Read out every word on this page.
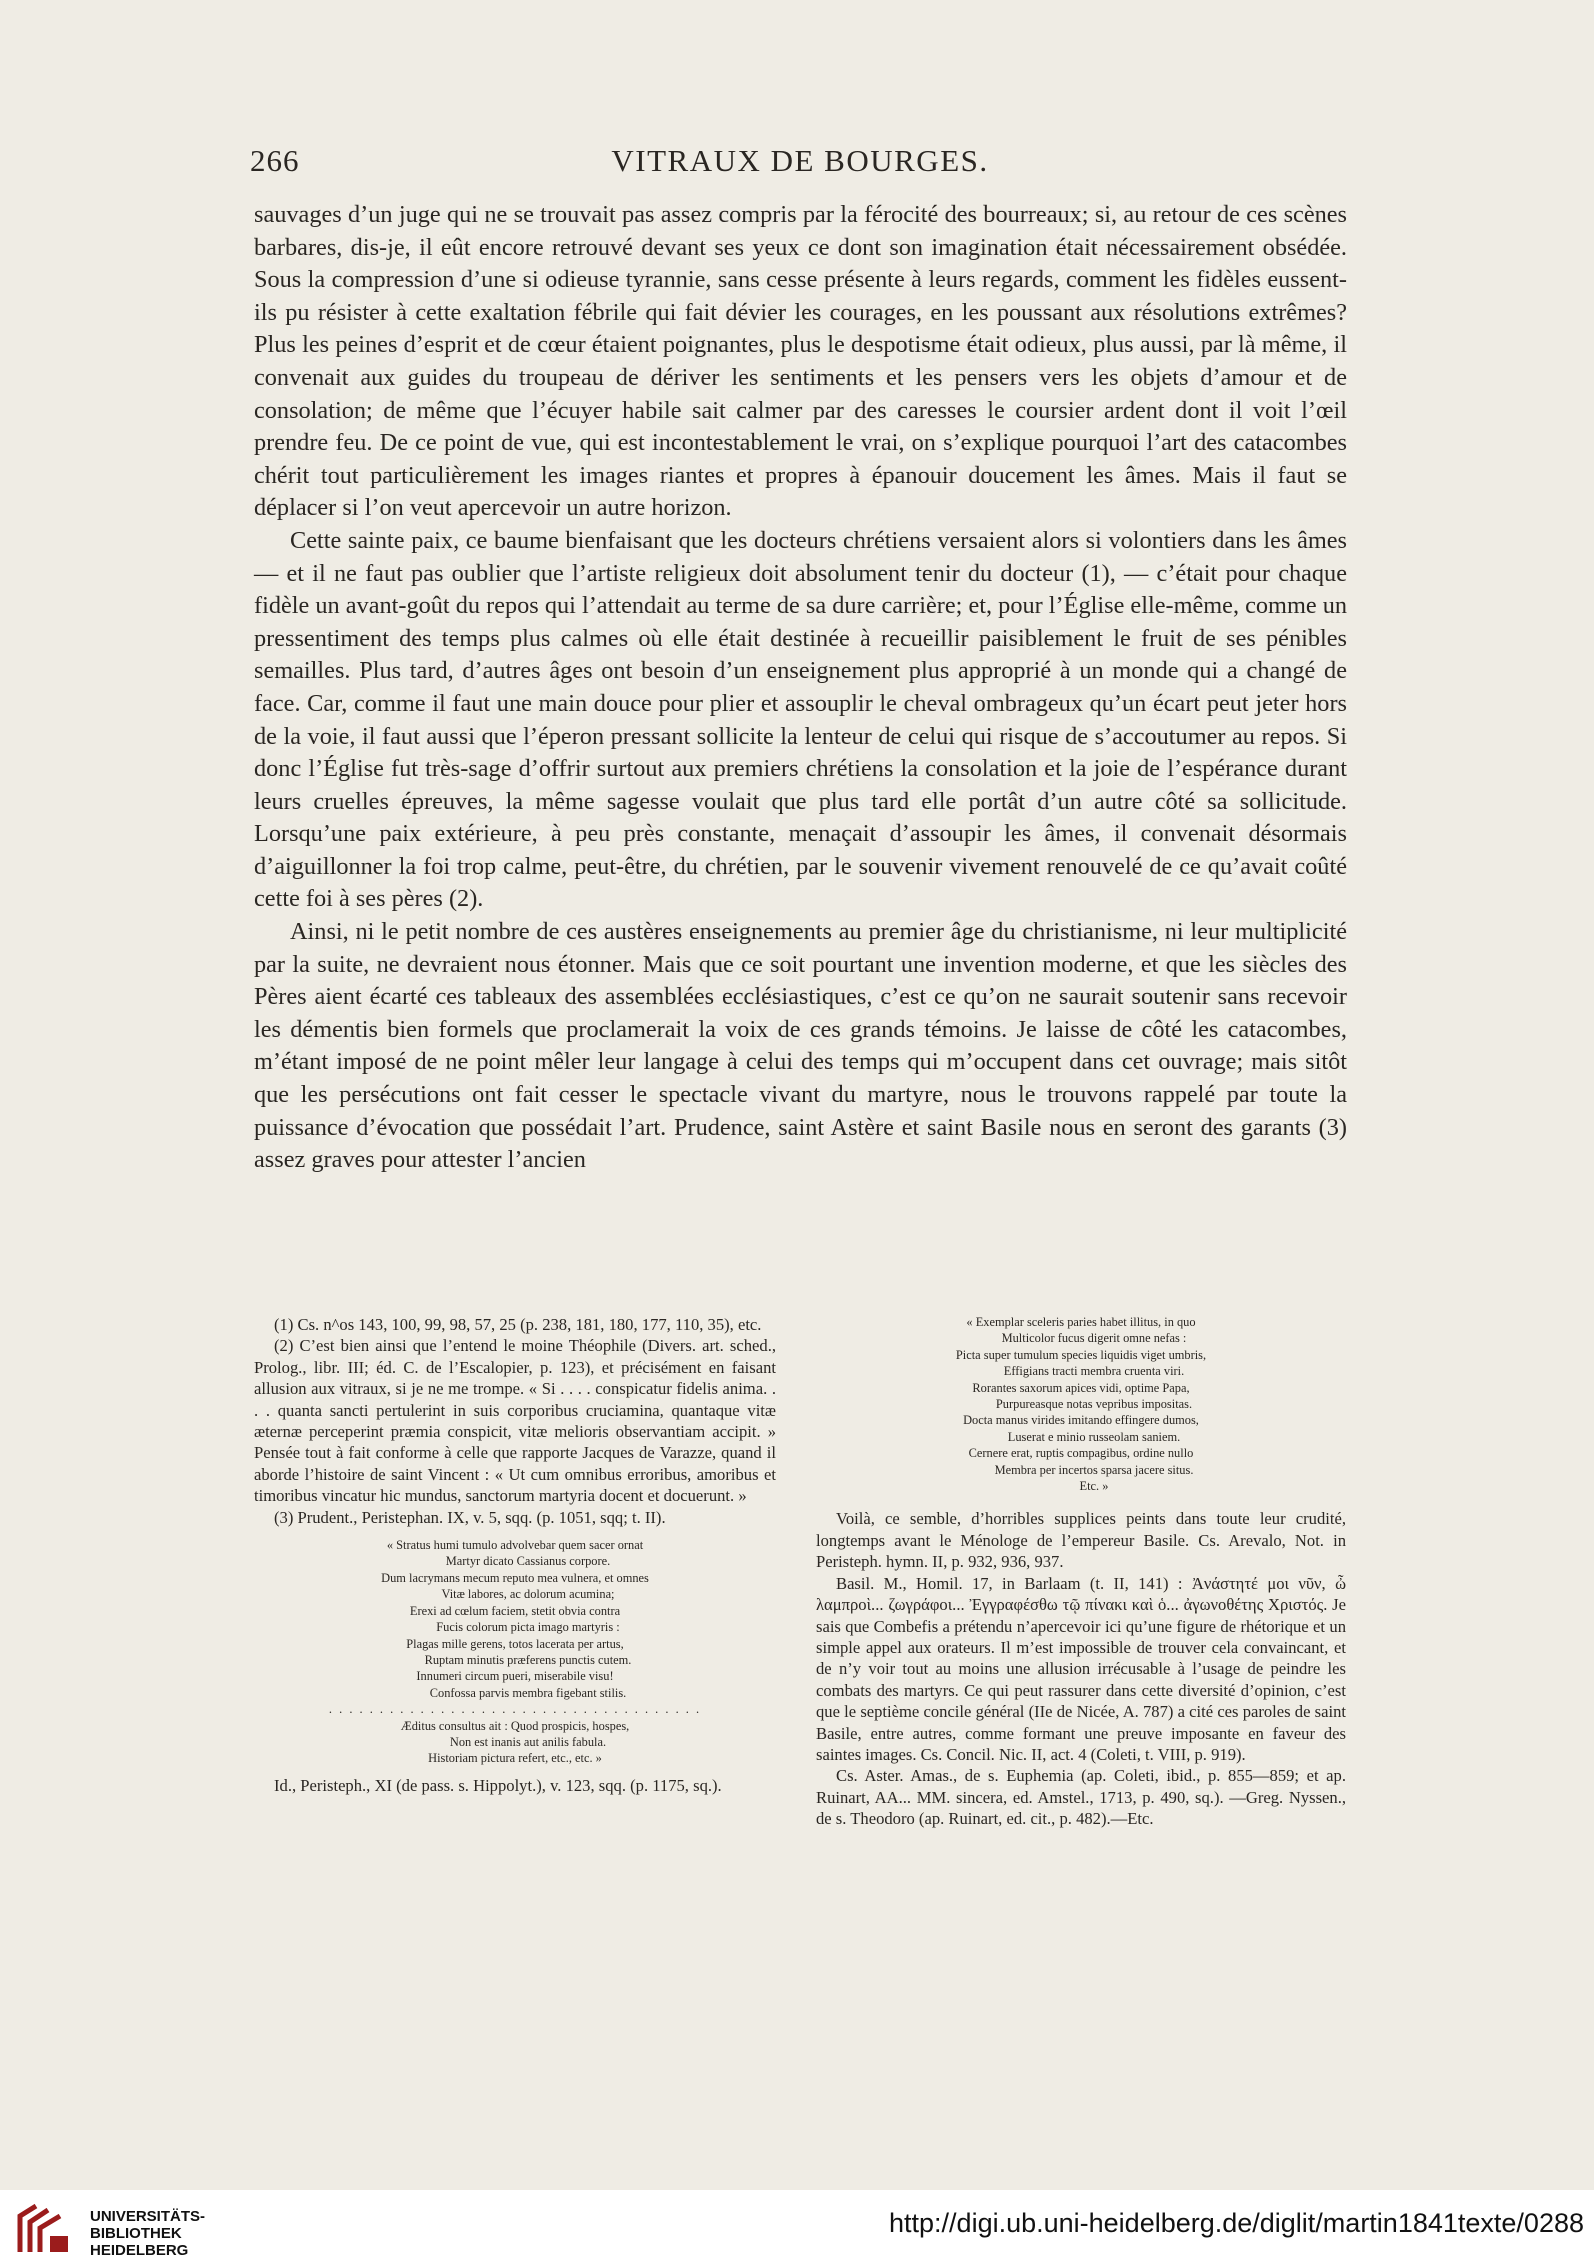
266	VITRAUX DE BOURGES.

sauvages d’un juge qui ne se trouvait pas assez compris par la férocité des bourreaux; si, au retour de ces scènes barbares, dis-je, il eût encore retrouvé devant ses yeux ce dont son imagination était nécessairement obsédée. Sous la compression d’une si odieuse tyrannie, sans cesse présente à leurs regards, comment les fidèles eussent-ils pu résister à cette exaltation fébrile qui fait dévier les courages, en les poussant aux résolutions extrêmes? Plus les peines d’esprit et de cœur étaient poignantes, plus le despotisme était odieux, plus aussi, par là même, il convenait aux guides du troupeau de dériver les sentiments et les pensers vers les objets d’amour et de consolation; de même que l’écuyer habile sait calmer par des caresses le coursier ardent dont il voit l’œil prendre feu. De ce point de vue, qui est incontestablement le vrai, on s’explique pourquoi l’art des catacombes chérit tout particulièrement les images riantes et propres à épanouir doucement les âmes. Mais il faut se déplacer si l’on veut apercevoir un autre horizon.

Cette sainte paix, ce baume bienfaisant que les docteurs chrétiens versaient alors si volontiers dans les âmes — et il ne faut pas oublier que l’artiste religieux doit absolument tenir du docteur (1), — c’était pour chaque fidèle un avant-goût du repos qui l’attendait au terme de sa dure carrière; et, pour l’Église elle-même, comme un pressentiment des temps plus calmes où elle était destinée à recueillir paisiblement le fruit de ses pénibles semailles. Plus tard, d’autres âges ont besoin d’un enseignement plus approprié à un monde qui a changé de face. Car, comme il faut une main douce pour plier et assouplir le cheval ombrageux qu’un écart peut jeter hors de la voie, il faut aussi que l’éperon pressant sollicite la lenteur de celui qui risque de s’accoutumer au repos. Si donc l’Église fut très-sage d’offrir surtout aux premiers chrétiens la consolation et la joie de l’espérance durant leurs cruelles épreuves, la même sagesse voulait que plus tard elle portât d’un autre côté sa sollicitude. Lorsqu’une paix extérieure, à peu près constante, menaçait d’assoupir les âmes, il convenait désormais d’aiguillonner la foi trop calme, peut-être, du chrétien, par le souvenir vivement renouvelé de ce qu’avait coûté cette foi à ses pères (2).

Ainsi, ni le petit nombre de ces austères enseignements au premier âge du christianisme, ni leur multiplicité par la suite, ne devraient nous étonner. Mais que ce soit pourtant une invention moderne, et que les siècles des Pères aient écarté ces tableaux des assemblées ecclésiastiques, c’est ce qu’on ne saurait soutenir sans recevoir les démentis bien formels que proclamerait la voix de ces grands témoins. Je laisse de côté les catacombes, m’étant imposé de ne point mêler leur langage à celui des temps qui m’occupent dans cet ouvrage; mais sitôt que les persécutions ont fait cesser le spectacle vivant du martyre, nous le trouvons rappelé par toute la puissance d’évocation que possédait l’art. Prudence, saint Astère et saint Basile nous en seront des garants (3) assez graves pour attester l’ancien

(1) Cs. n^os 143, 100, 99, 98, 57, 25 (p. 238, 181, 180, 177, 110, 35), etc.

(2) C’est bien ainsi que l’entend le moine Théophile (Divers. art. sched., Prolog., libr. III; éd. C. de l’Escalopier, p. 123), et précisément en faisant allusion aux vitraux, si je ne me trompe. « Si . . . . conspicatur fidelis anima. . . . quanta sancti pertulerint in suis corporibus cruciamina, quantaque vitæ æternæ perceperint præmia conspicit, vitæ melioris observantiam accipit. » Pensée tout à fait conforme à celle que rapporte Jacques de Varazze, quand il aborde l’histoire de saint Vincent : « Ut cum omnibus erroribus, amoribus et timoribus vincatur hic mundus, sanctorum martyria docent et docuerunt. »

(3) Prudent., Peristephan. IX, v. 5, sqq. (p. 1051, sqq; t. II).

« Stratus humi tumulo advolvebar quem sacer ornat
Martyr dicato Cassianus corpore.
Dum lacrymans mecum reputo mea vulnera, et omnes
Vitæ labores, ac dolorum acumina;
Erexi ad cœlum faciem, stetit obvia contra
Fucis colorum picta imago martyris :
Plagas mille gerens, totos lacerata per artus,
Ruptam minutis præferens punctis cutem.
Innumeri circum pueri, miserabile visu!
Confossa parvis membra figebant stilis.
. . . . . . . . . . . . . . . . . . . . . . . . . . . . . . . . . . . . .
Æditus consultus ait : Quod prospicis, hospes,
Non est inanis aut anilis fabula.
Historiam pictura refert, etc., etc. »

Id., Peristeph., XI (de pass. s. Hippolyt.), v. 123, sqq. (p. 1175, sq.).

« Exemplar sceleris paries habet illitus, in quo
Multicolor fucus digerit omne nefas :
Picta super tumulum species liquidis viget umbris,
Effigians tracti membra cruenta viri.
Rorantes saxorum apices vidi, optime Papa,
Purpureasque notas vepribus impositas.
Docta manus virides imitando effingere dumos,
Luserat e minio russeolam saniem.
Cernere erat, ruptis compagibus, ordine nullo
Membra per incertos sparsa jacere situs.
Etc. »

Voilà, ce semble, d’horribles supplices peints dans toute leur crudité, longtemps avant le Ménologe de l’empereur Basile. Cs. Arevalo, Not. in Peristeph. hymn. II, p. 932, 936, 937.

Basil. M., Homil. 17, in Barlaam (t. II, 141) : Ἀνάστητέ μοι νῦν, ὦ λαμπροὶ... ζωγράφοι... Ἐγγραφέσθω τῷ πίνακι καὶ ὁ... ἀγωνοθέτης Χριστός. Je sais que Combefis a prétendu n’apercevoir ici qu’une figure de rhétorique et un simple appel aux orateurs. Il m’est impossible de trouver cela convaincant, et de n’y voir tout au moins une allusion irrécusable à l’usage de peindre les combats des martyrs. Ce qui peut rassurer dans cette diversité d’opinion, c’est que le septième concile général (IIe de Nicée, A. 787) a cité ces paroles de saint Basile, entre autres, comme formant une preuve imposante en faveur des saintes images. Cs. Concil. Nic. II, act. 4 (Coleti, t. VIII, p. 919).

Cs. Aster. Amas., de s. Euphemia (ap. Coleti, ibid., p. 855—859; et ap. Ruinart, AA... MM. sincera, ed. Amstel., 1713, p. 490, sq.). —Greg. Nyssen., de s. Theodoro (ap. Ruinart, ed. cit., p. 482).—Etc.

UNIVERSITÄTS-
BIBLIOTHEK
HEIDELBERG
http://digi.ub.uni-heidelberg.de/diglit/martin1841texte/0288
